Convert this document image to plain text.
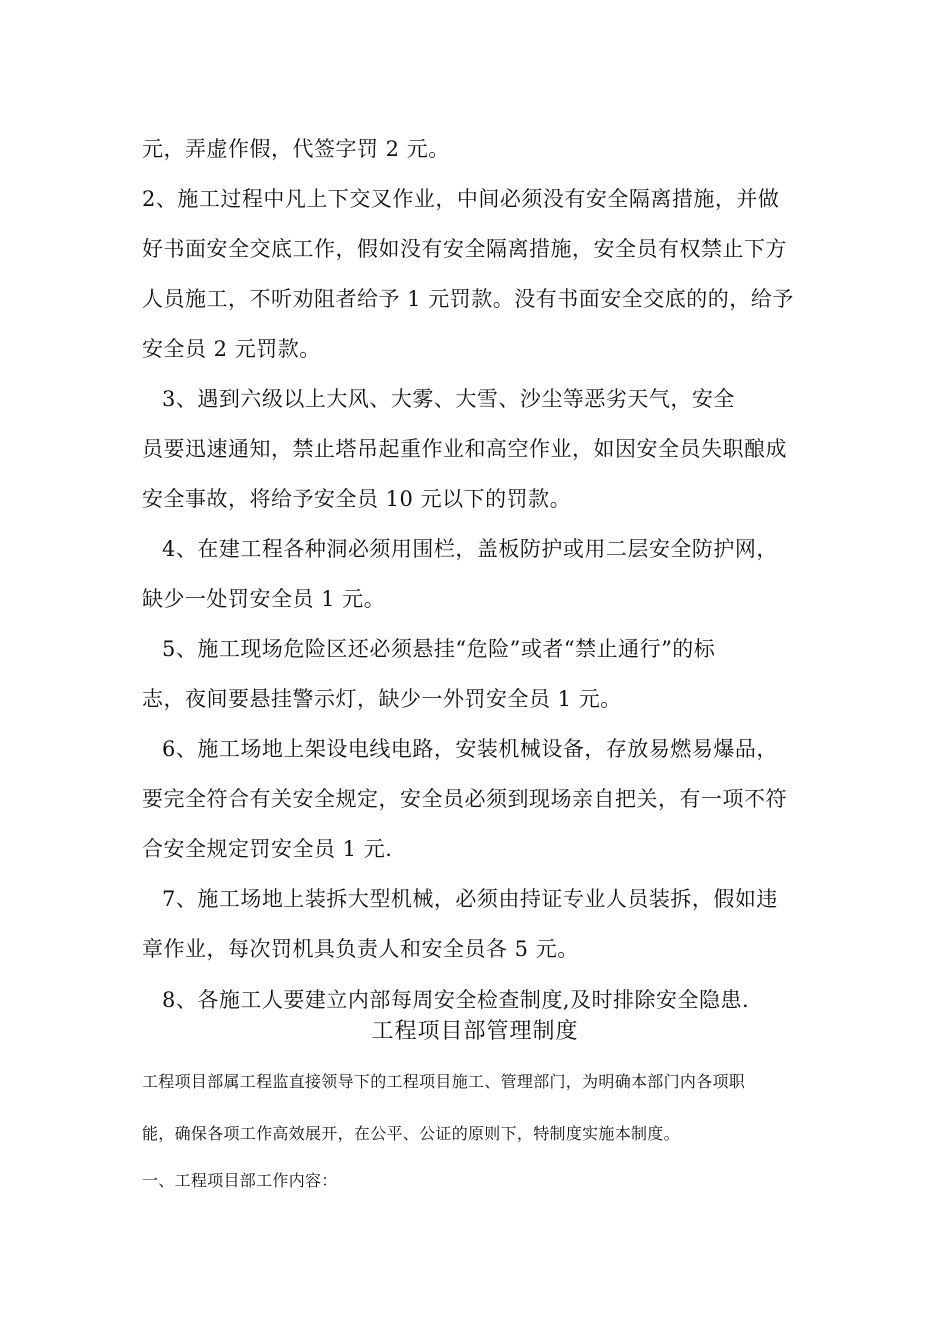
元，弄虚作假，代签字罚 2 元。
2、施工过程中凡上下交叉作业，中间必须没有安全隔离措施，并做
好书面安全交底工作，假如没有安全隔离措施，安全员有权禁止下方
人员施工，不听劝阻者给予 1 元罚款。没有书面安全交底的的，给予
安全员 2 元罚款。
3、遇到六级以上大风、大雾、大雪、沙尘等恶劣天气，安全
员要迅速通知，禁止塔吊起重作业和高空作业，如因安全员失职酿成
安全事故，将给予安全员 10 元以下的罚款。
4、在建工程各种洞必须用围栏，盖板防护或用二层安全防护网，
缺少一处罚安全员 1 元。
5、施工现场危险区还必须悬挂“危险”或者“禁止通行”的标
志，夜间要悬挂警示灯，缺少一外罚安全员 1 元。
6、施工场地上架设电线电路，安装机械设备，存放易燃易爆品，
要完全符合有关安全规定，安全员必须到现场亲自把关，有一项不符
合安全规定罚安全员 1 元.
7、施工场地上装拆大型机械，必须由持证专业人员装拆，假如违
章作业，每次罚机具负责人和安全员各 5 元。
8、各施工人要建立内部每周安全检查制度,及时排除安全隐患.
工程项目部管理制度
工程项目部属工程监直接领导下的工程项目施工、管理部门，为明确本部门内各项职
能，确保各项工作高效展开，在公平、公证的原则下，特制度实施本制度。
一、工程项目部工作内容：
